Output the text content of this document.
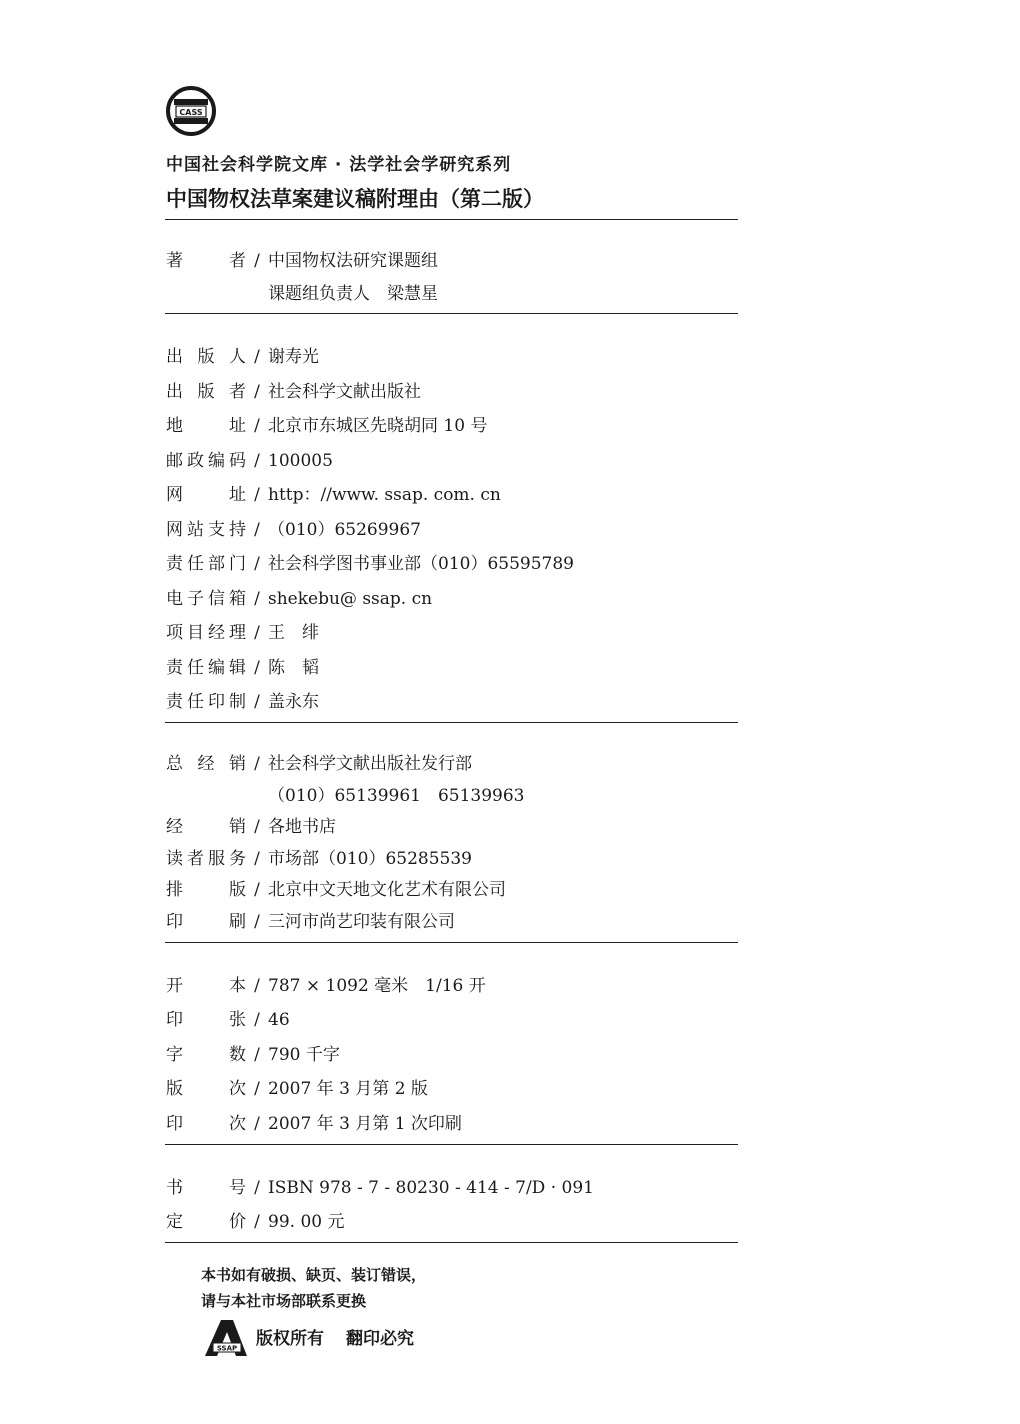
CASS
中国社会科学院文库 · 法学社会学研究系列
中国物权法草案建议稿附理由（第二版）
著者 / 中国物权法研究课题组
课题组负责人　梁慧星
出版人 / 谢寿光
出版者 / 社会科学文献出版社
地址 / 北京市东城区先晓胡同 10 号
邮政编码 / 100005
网址 / http：//www. ssap. com. cn
网站支持 / （010）65269967
责任部门 / 社会科学图书事业部（010）65595789
电子信箱 / shekebu@ ssap. cn
项目经理 / 王　绯
责任编辑 / 陈　韬
责任印制 / 盖永东
总经销 / 社会科学文献出版社发行部
（010）65139961　65139963
经销 / 各地书店
读者服务 / 市场部（010）65285539
排版 / 北京中文天地文化艺术有限公司
印刷 / 三河市尚艺印装有限公司
开本 / 787 × 1092 毫米　1/16 开
印张 / 46
字数 / 790 千字
版次 / 2007 年 3 月第 2 版
印次 / 2007 年 3 月第 1 次印刷
书号 / ISBN 978 - 7 - 80230 - 414 - 7/D · 091
定价 / 99. 00 元
本书如有破损、缺页、装订错误，
请与本社市场部联系更换
SSAP 版权所有 翻印必究
